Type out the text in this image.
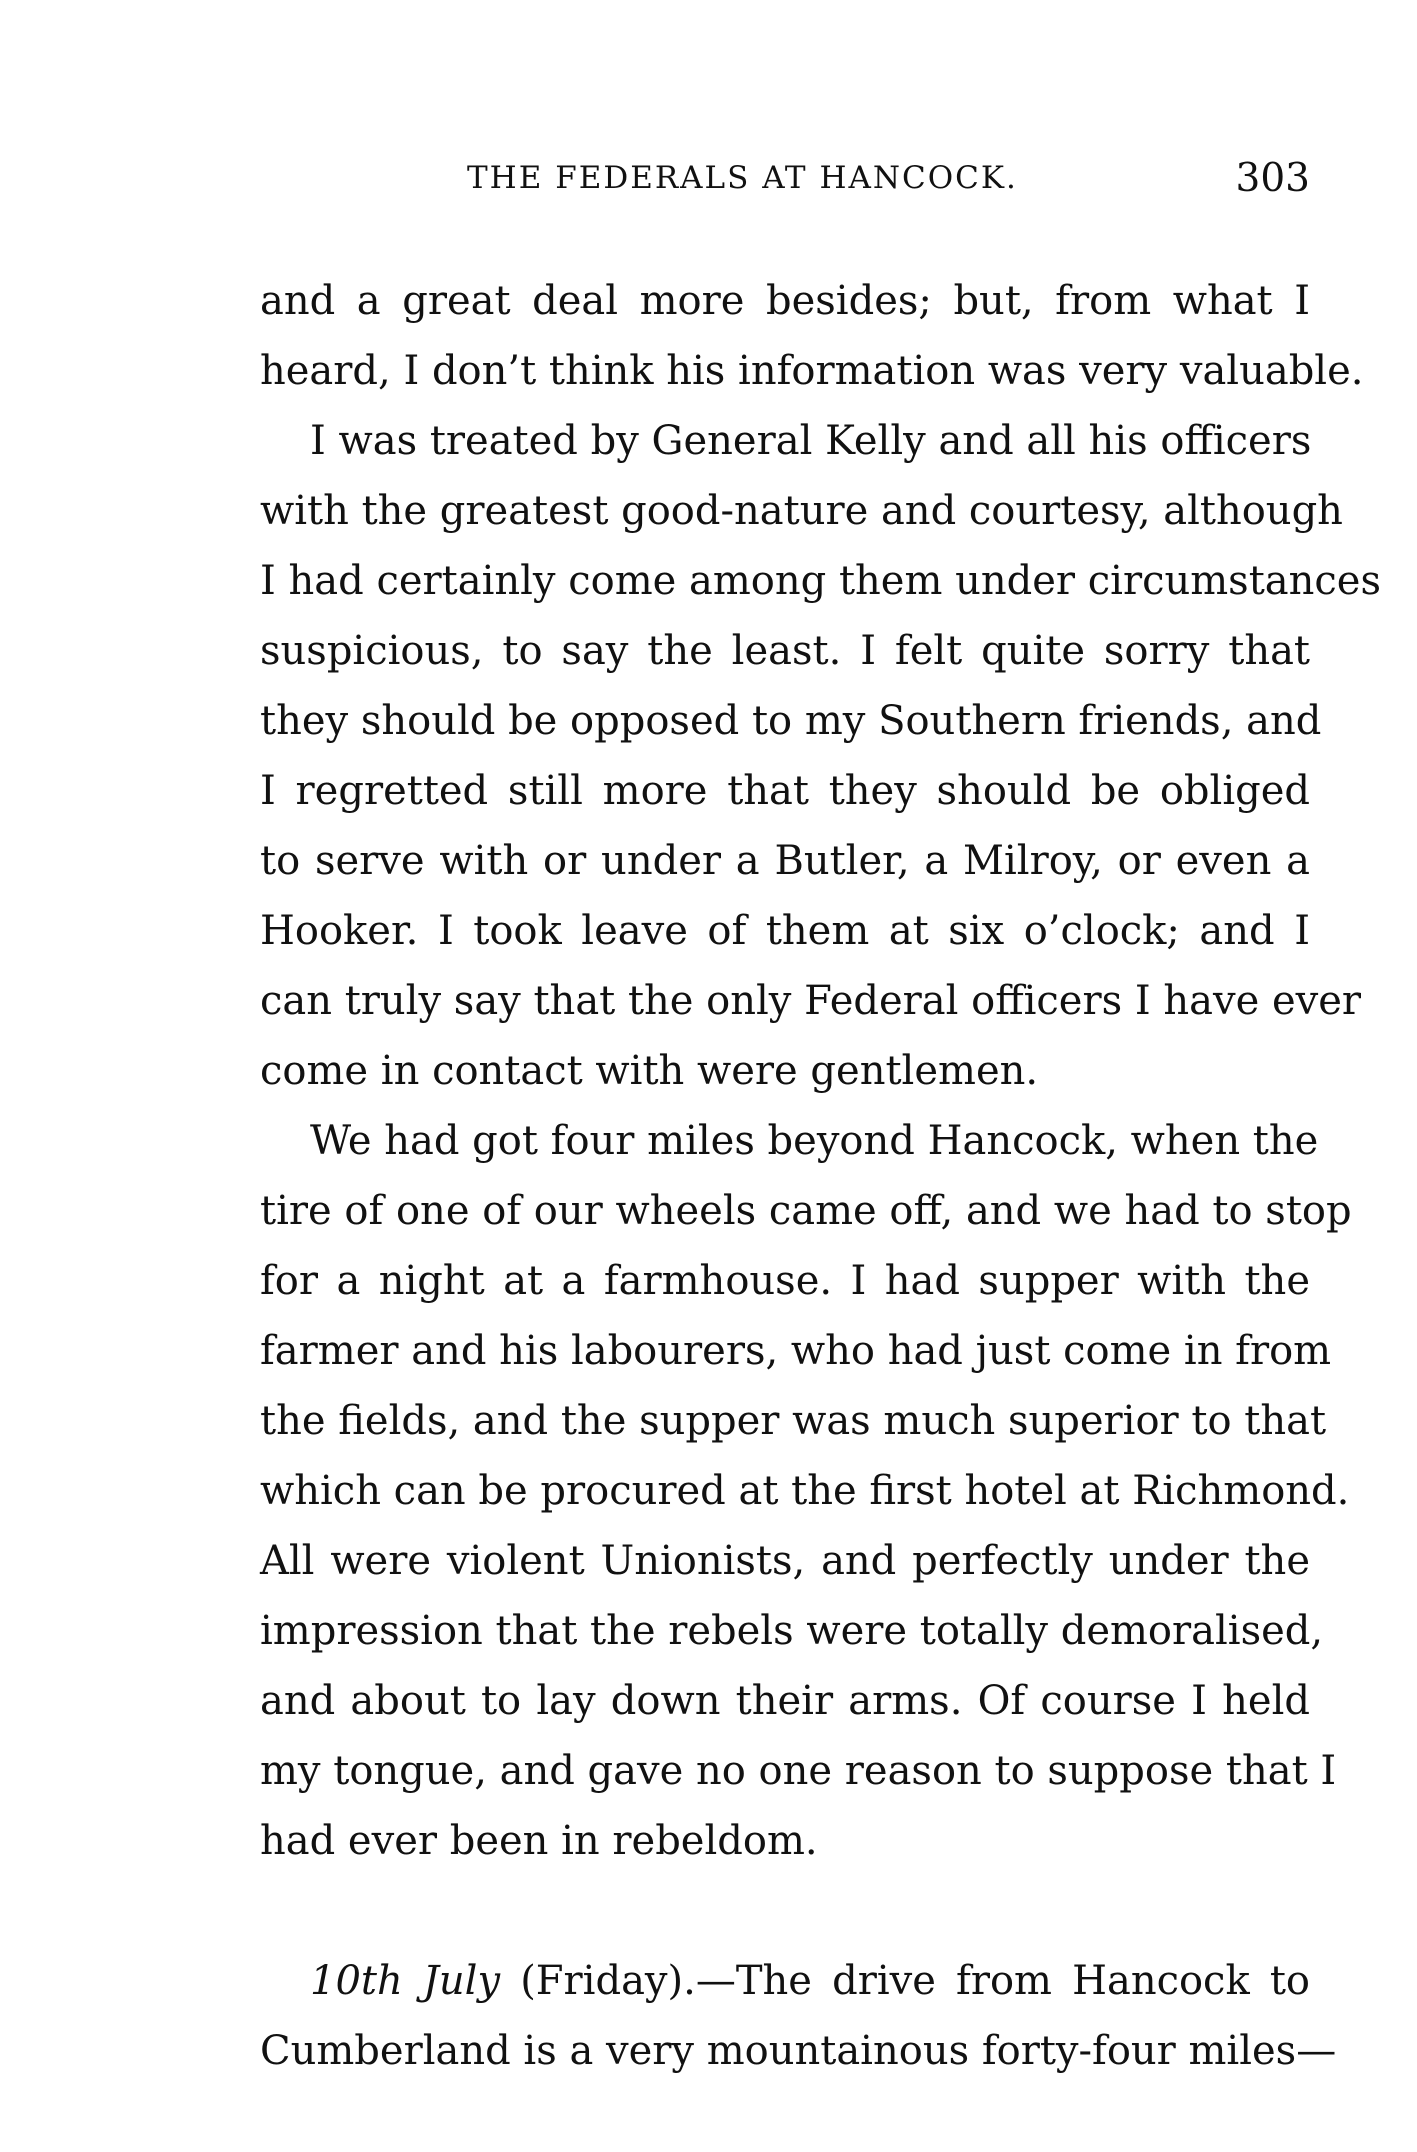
THE FEDERALS AT HANCOCK.	303

and a great deal more besides; but, from what I
heard, I don’t think his information was very valuable.

I was treated by General Kelly and all his officers
with the greatest good-nature and courtesy, although
I had certainly come among them under circumstances
suspicious, to say the least. I felt quite sorry that
they should be opposed to my Southern friends, and
I regretted still more that they should be obliged
to serve with or under a Butler, a Milroy, or even a
Hooker. I took leave of them at six o’clock; and I
can truly say that the only Federal officers I have ever
come in contact with were gentlemen.

We had got four miles beyond Hancock, when the
tire of one of our wheels came off, and we had to stop
for a night at a farmhouse. I had supper with the
farmer and his labourers, who had just come in from
the fields, and the supper was much superior to that
which can be procured at the first hotel at Richmond.
All were violent Unionists, and perfectly under the
impression that the rebels were totally demoralised,
and about to lay down their arms. Of course I held
my tongue, and gave no one reason to suppose that I
had ever been in rebeldom.

10th July (Friday).—The drive from Hancock to
Cumberland is a very mountainous forty-four miles—
